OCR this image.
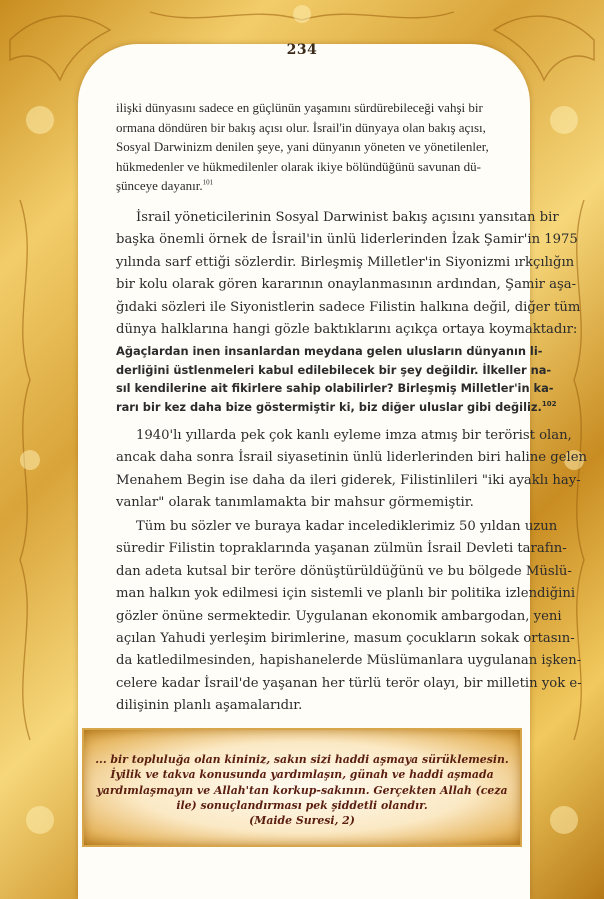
234
ilişki dünyasını sadece en güçlünün yaşamını sürdürebileceği vahşi bir
ormana döndüren bir bakış açısı olur. İsrail'in dünyaya olan bakış açısı,
Sosyal Darwinizm denilen şeye, yani dünyanın yöneten ve yönetilenler,
hükmedenler ve hükmedilenler olarak ikiye bölündüğünü savunan dü-
şünceye dayanır.$^{101}$
İsrail yöneticilerinin Sosyal Darwinist bakış açısını yansıtan bir
başka önemli örnek de İsrail'in ünlü liderlerinden İzak Şamir'in 1975
yılında sarf ettiği sözlerdir. Birleşmiş Milletler'in Siyonizmi ırkçılığın
bir kolu olarak gören kararının onaylanmasının ardından, Şamir aşa-
ğıdaki sözleri ile Siyonistlerin sadece Filistin halkına değil, diğer tüm
dünya halklarına hangi gözle baktıklarını açıkça ortaya koymaktadır:
Ağaçlardan inen insanlardan meydana gelen ulusların dünyanın li-
derliğini üstlenmeleri kabul edilebilecek bir şey değildir. İlkeller na-
sıl kendilerine ait fikirlere sahip olabilirler? Birleşmiş Milletler'in ka-
rarı bir kez daha bize göstermiştir ki, biz diğer uluslar gibi değiliz.$^{102}$
1940'lı yıllarda pek çok kanlı eyleme imza atmış bir terörist olan,
ancak daha sonra İsrail siyasetinin ünlü liderlerinden biri haline gelen
Menahem Begin ise daha da ileri giderek, Filistinlileri "iki ayaklı hay-
vanlar" olarak tanımlamakta bir mahsur görmemiştir.
Tüm bu sözler ve buraya kadar incelediklerimiz 50 yıldan uzun
süredir Filistin topraklarında yaşanan zülmün İsrail Devleti tarafın-
dan adeta kutsal bir teröre dönüştürüldüğünü ve bu bölgede Müslü-
man halkın yok edilmesi için sistemli ve planlı bir politika izlendiğini
gözler önüne sermektedir. Uygulanan ekonomik ambargodan, yeni
açılan Yahudi yerleşim birimlerine, masum çocukların sokak ortasın-
da katledilmesinden, hapishanelerde Müslümanlara uygulanan işken-
celere kadar İsrail'de yaşanan her türlü terör olayı, bir milletin yok e-
dilişinin planlı aşamalarıdır.
... bir topluluğa olan kininiz, sakın sizi haddi aşmaya sürüklemesin.
İyilik ve takva konusunda yardımlaşın, günah ve haddi aşmada
yardımlaşmayın ve Allah'tan korkup-sakının. Gerçekten Allah (ceza
ile) sonuçlandırması pek şiddetli olandır.
(Maide Suresi, 2)
